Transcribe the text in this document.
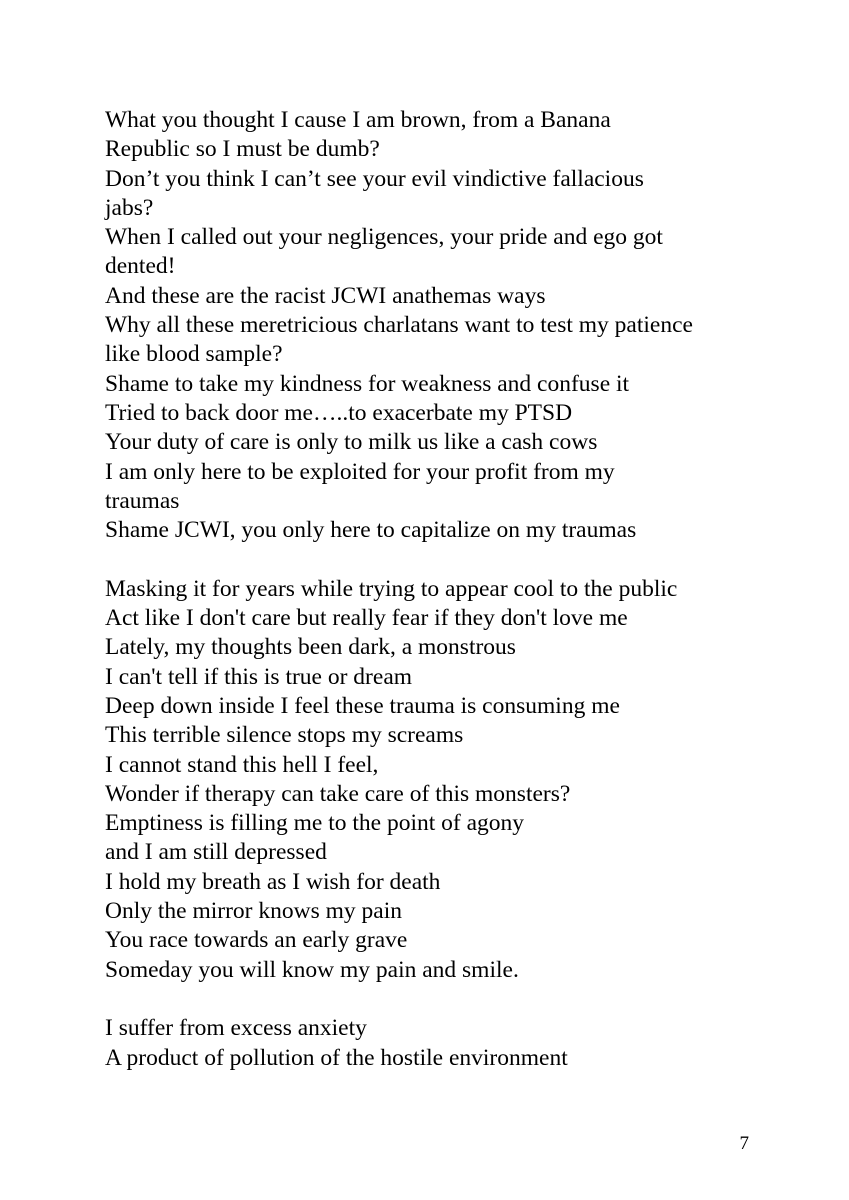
What you thought I cause I am brown, from a Banana
Republic so I must be dumb?
Don’t you think I can’t see your evil vindictive fallacious
jabs?
When I called out your negligences, your pride and ego got
dented!
And these are the racist JCWI anathemas ways
Why all these meretricious charlatans want to test my patience
like blood sample?
Shame to take my kindness for weakness and confuse it
Tried to back door me…..to exacerbate my PTSD
Your duty of care is only to milk us like a cash cows
I am only here to be exploited for your profit from my
traumas
Shame JCWI, you only here to capitalize on my traumas
Masking it for years while trying to appear cool to the public
Act like I don't care but really fear if they don't love me
Lately, my thoughts been dark, a monstrous
I can't tell if this is true or dream
Deep down inside I feel these trauma is consuming me
This terrible silence stops my screams
I cannot stand this hell I feel,
Wonder if therapy can take care of this monsters?
Emptiness is filling me to the point of agony
and I am still depressed
I hold my breath as I wish for death
Only the mirror knows my pain
You race towards an early grave
Someday you will know my pain and smile.
I suffer from excess anxiety
A product of pollution of the hostile environment
7
